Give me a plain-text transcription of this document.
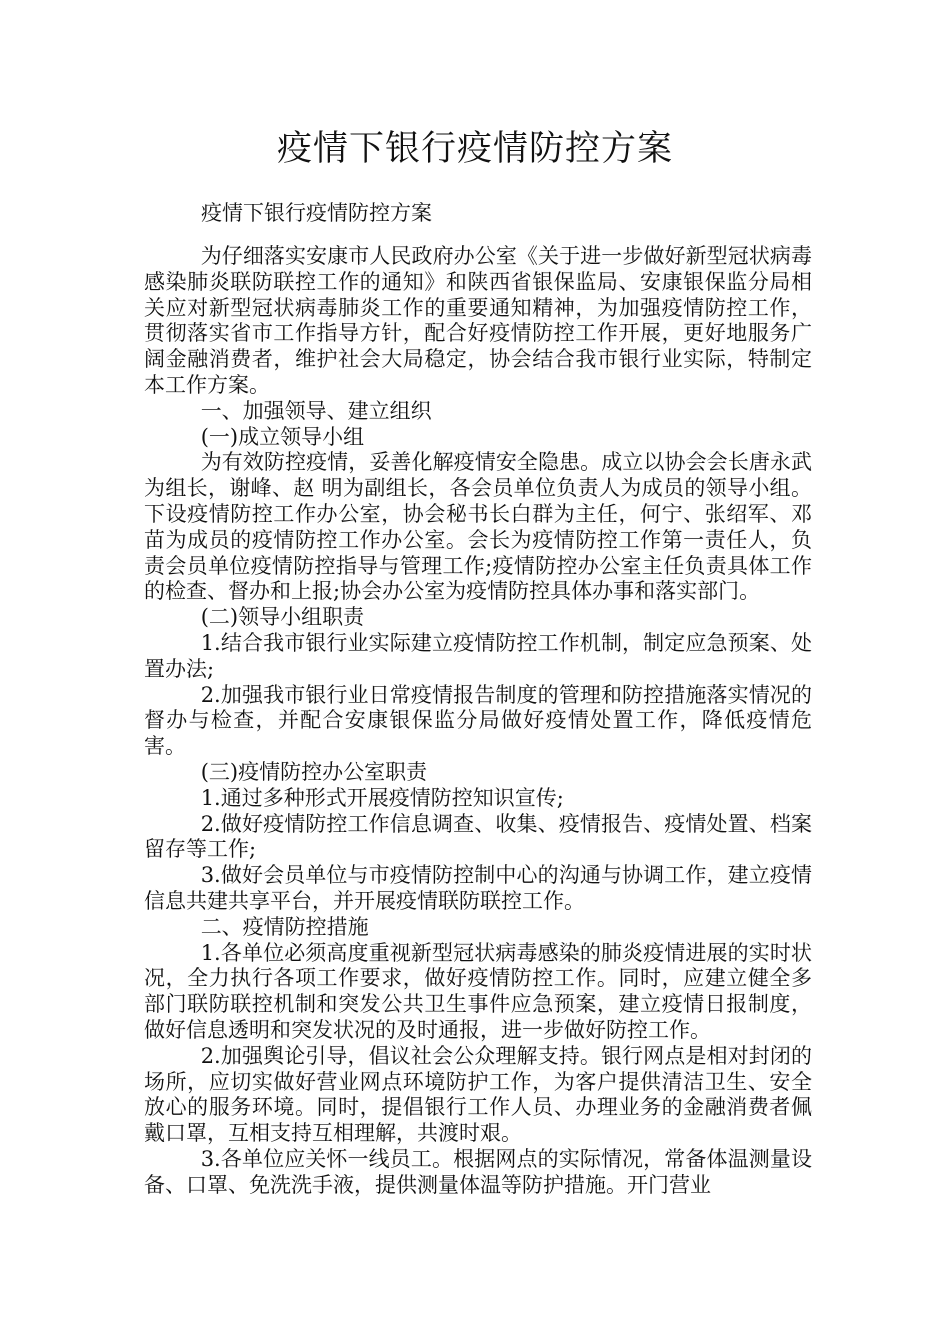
疫情下银行疫情防控方案
疫情下银行疫情防控方案

为仔细落实安康市人民政府办公室《关于进一步做好新型冠状病毒感染肺炎联防联控工作的通知》和陕西省银保监局、安康银保监分局相关应对新型冠状病毒肺炎工作的重要通知精神，为加强疫情防控工作，贯彻落实省市工作指导方针，配合好疫情防控工作开展，更好地服务广阔金融消费者，维护社会大局稳定，协会结合我市银行业实际，特制定本工作方案。

一、加强领导、建立组织

(一)成立领导小组

为有效防控疫情，妥善化解疫情安全隐患。成立以协会会长唐永武为组长，谢峰、赵 明为副组长，各会员单位负责人为成员的领导小组。下设疫情防控工作办公室，协会秘书长白群为主任，何宁、张绍军、邓苗为成员的疫情防控工作办公室。会长为疫情防控工作第一责任人，负责会员单位疫情防控指导与管理工作;疫情防控办公室主任负责具体工作的检查、督办和上报;协会办公室为疫情防控具体办事和落实部门。

(二)领导小组职责

1.结合我市银行业实际建立疫情防控工作机制，制定应急预案、处置办法;

2.加强我市银行业日常疫情报告制度的管理和防控措施落实情况的督办与检查，并配合安康银保监分局做好疫情处置工作，降低疫情危害。

(三)疫情防控办公室职责

1.通过多种形式开展疫情防控知识宣传;

2.做好疫情防控工作信息调查、收集、疫情报告、疫情处置、档案留存等工作;

3.做好会员单位与市疫情防控制中心的沟通与协调工作，建立疫情信息共建共享平台，并开展疫情联防联控工作。

二、疫情防控措施

1.各单位必须高度重视新型冠状病毒感染的肺炎疫情进展的实时状况，全力执行各项工作要求，做好疫情防控工作。同时，应建立健全多部门联防联控机制和突发公共卫生事件应急预案，建立疫情日报制度，做好信息透明和突发状况的及时通报，进一步做好防控工作。

2.加强舆论引导，倡议社会公众理解支持。银行网点是相对封闭的场所，应切实做好营业网点环境防护工作，为客户提供清洁卫生、安全放心的服务环境。同时，提倡银行工作人员、办理业务的金融消费者佩戴口罩，互相支持互相理解，共渡时艰。

3.各单位应关怀一线员工。根据网点的实际情况，常备体温测量设备、口罩、免洗洗手液，提供测量体温等防护措施。开门营业
